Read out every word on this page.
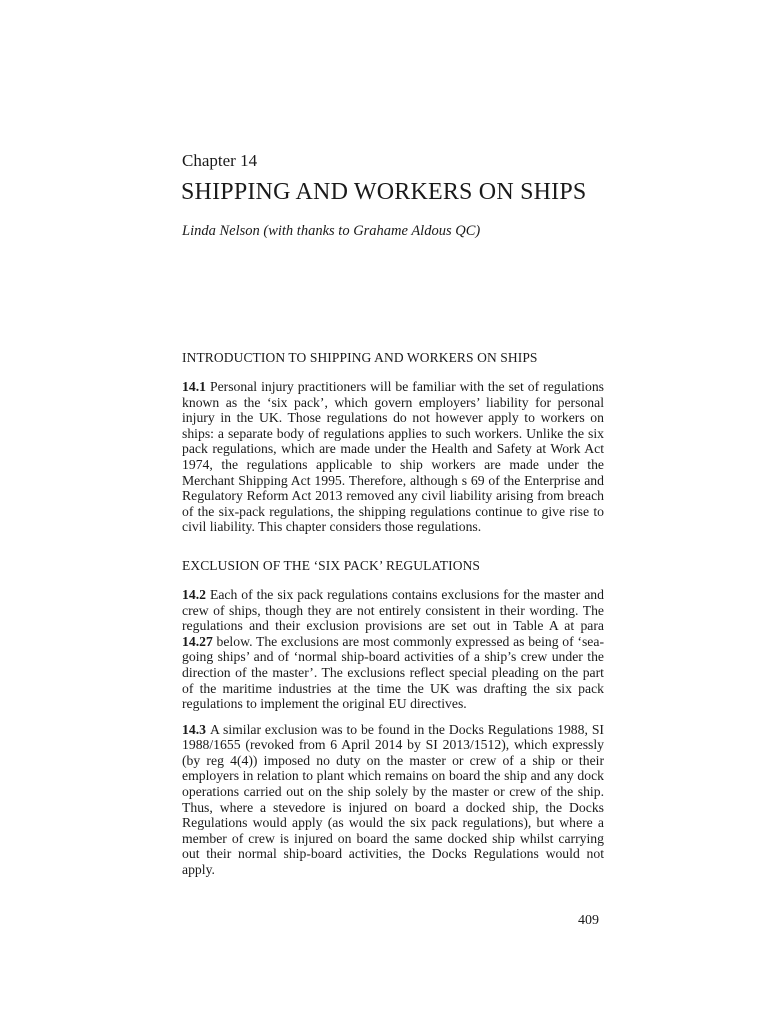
Chapter 14
SHIPPING AND WORKERS ON SHIPS
Linda Nelson (with thanks to Grahame Aldous QC)
INTRODUCTION TO SHIPPING AND WORKERS ON SHIPS

14.1 Personal injury practitioners will be familiar with the set of regulations known as the ‘six pack’, which govern employers’ liability for personal injury in the UK. Those regulations do not however apply to workers on ships: a separate body of regulations applies to such workers. Unlike the six pack regulations, which are made under the Health and Safety at Work Act 1974, the regulations applicable to ship workers are made under the Merchant Shipping Act 1995. Therefore, although s 69 of the Enterprise and Regulatory Reform Act 2013 removed any civil liability arising from breach of the six-pack regulations, the shipping regulations continue to give rise to civil liability. This chapter considers those regulations.

EXCLUSION OF THE ‘SIX PACK’ REGULATIONS

14.2 Each of the six pack regulations contains exclusions for the master and crew of ships, though they are not entirely consistent in their wording. The regulations and their exclusion provisions are set out in Table A at para 14.27 below. The exclusions are most commonly expressed as being of ‘sea-going ships’ and of ‘normal ship-board activities of a ship’s crew under the direction of the master’. The exclusions reflect special pleading on the part of the maritime industries at the time the UK was drafting the six pack regulations to implement the original EU directives.

14.3 A similar exclusion was to be found in the Docks Regulations 1988, SI 1988/1655 (revoked from 6 April 2014 by SI 2013/1512), which expressly (by reg 4(4)) imposed no duty on the master or crew of a ship or their employers in relation to plant which remains on board the ship and any dock operations carried out on the ship solely by the master or crew of the ship. Thus, where a stevedore is injured on board a docked ship, the Docks Regulations would apply (as would the six pack regulations), but where a member of crew is injured on board the same docked ship whilst carrying out their normal ship-board activities, the Docks Regulations would not apply.

409
